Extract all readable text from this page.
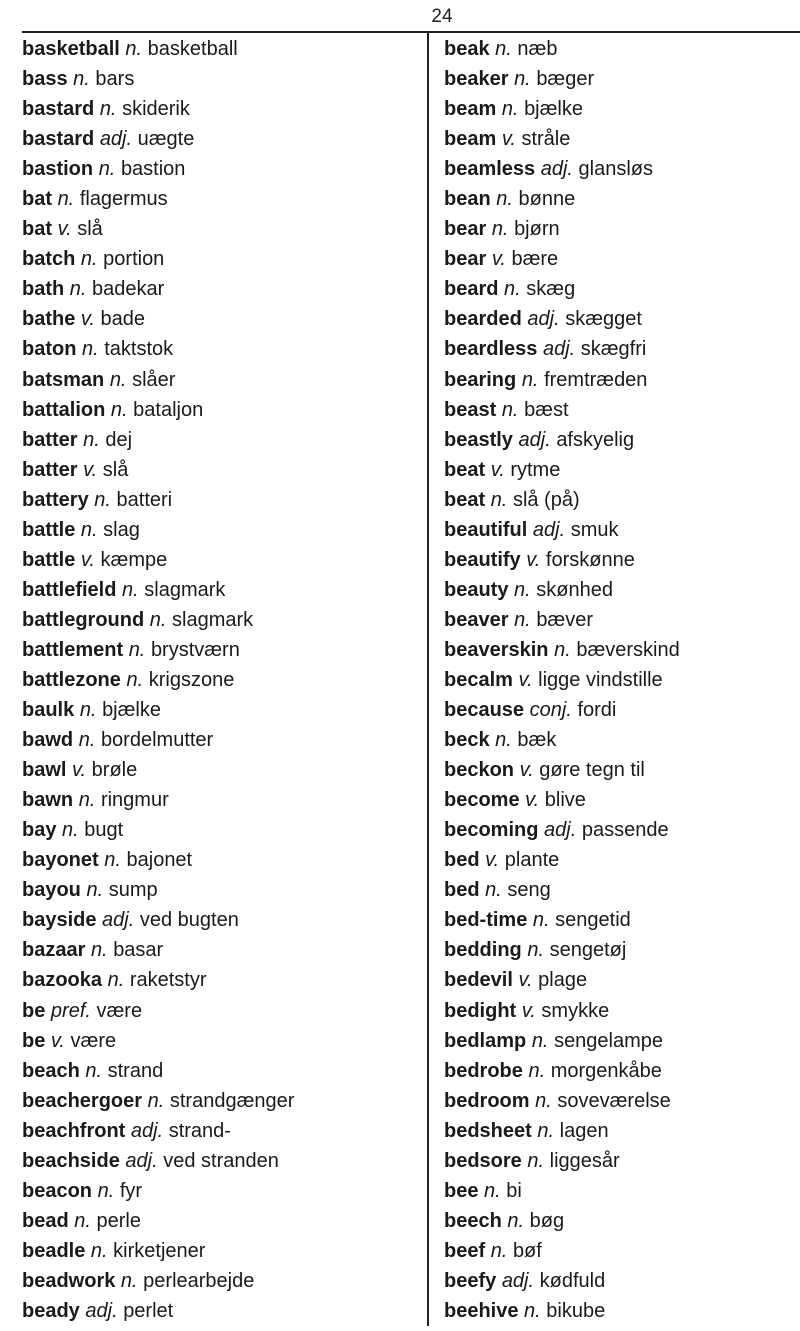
24
basketball n. basketball
bass n. bars
bastard n. skiderik
bastard adj. uægte
bastion n. bastion
bat n. flagermus
bat v. slå
batch n. portion
bath n. badekar
bathe v. bade
baton n. taktstok
batsman n. slåer
battalion n. bataljon
batter n. dej
batter v. slå
battery n. batteri
battle n. slag
battle v. kæmpe
battlefield n. slagmark
battleground n. slagmark
battlement n. brystværn
battlezone n. krigszone
baulk n. bjælke
bawd n. bordelmutter
bawl v. brøle
bawn n. ringmur
bay n. bugt
bayonet n. bajonet
bayou n. sump
bayside adj. ved bugten
bazaar n. basar
bazooka n. raketstyr
be pref. være
be v. være
beach n. strand
beachergoer n. strandgænger
beachfront adj. strand-
beachside adj. ved stranden
beacon n. fyr
bead n. perle
beadle n. kirketjener
beadwork n. perlearbejde
beady adj. perlet
beak n. næb
beaker n. bæger
beam n. bjælke
beam v. stråle
beamless adj. glansløs
bean n. bønne
bear n. bjørn
bear v. bære
beard n. skæg
bearded adj. skægget
beardless adj. skægfri
bearing n. fremtræden
beast n. bæst
beastly adj. afskyelig
beat v. rytme
beat n. slå (på)
beautiful adj. smuk
beautify v. forskønne
beauty n. skønhed
beaver n. bæver
beaverskin n. bæverskind
becalm v. ligge vindstille
because conj. fordi
beck n. bæk
beckon v. gøre tegn til
become v. blive
becoming adj. passende
bed v. plante
bed n. seng
bed-time n. sengetid
bedding n. sengetøj
bedevil v. plage
bedight v. smykke
bedlamp n. sengelampe
bedrobe n. morgenkåbe
bedroom n. soveværelse
bedsheet n. lagen
bedsore n. liggesår
bee n. bi
beech n. bøg
beef n. bøf
beefy adj. kødfuld
beehive n. bikube
